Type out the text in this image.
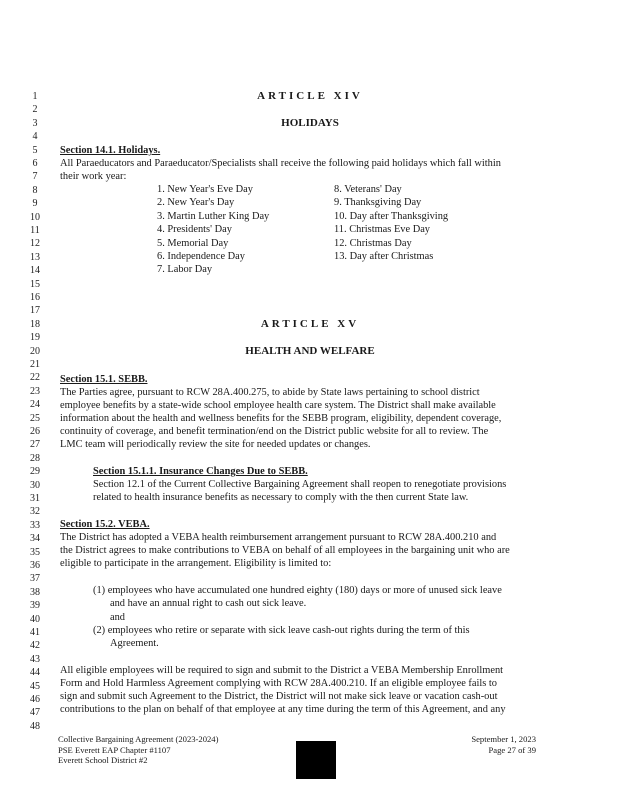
1
2
3
4
5
6
7
8
9
10
11
12
13
14
15
16
17
18
19
20
21
22
23
24
25
26
27
28
29
30
31
32
33
34
35
36
37
38
39
40
41
42
43
44
45
46
47
48
ARTICLE XIV
HOLIDAYS
Section 14.1. Holidays.
All Paraeducators and Paraeducator/Specialists shall receive the following paid holidays which fall within
their work year:
1. New Year's Eve Day
2. New Year's Day
3. Martin Luther King Day
4. Presidents' Day
5. Memorial Day
6. Independence Day
7. Labor Day
8. Veterans' Day
9. Thanksgiving Day
10. Day after Thanksgiving
11. Christmas Eve Day
12. Christmas Day
13. Day after Christmas
ARTICLE XV
HEALTH AND WELFARE
Section 15.1. SEBB.
The Parties agree, pursuant to RCW 28A.400.275, to abide by State laws pertaining to school district
employee benefits by a state-wide school employee health care system. The District shall make available
information about the health and wellness benefits for the SEBB program, eligibility, dependent coverage,
continuity of coverage, and benefit termination/end on the District public website for all to review. The
LMC team will periodically review the site for needed updates or changes.
Section 15.1.1. Insurance Changes Due to SEBB.
Section 12.1 of the Current Collective Bargaining Agreement shall reopen to renegotiate provisions
related to health insurance benefits as necessary to comply with the then current State law.
Section 15.2. VEBA.
The District has adopted a VEBA health reimbursement arrangement pursuant to RCW 28A.400.210 and
the District agrees to make contributions to VEBA on behalf of all employees in the bargaining unit who are
eligible to participate in the arrangement. Eligibility is limited to:
(1) employees who have accumulated one hundred eighty (180) days or more of unused sick leave
and have an annual right to cash out sick leave.
and
(2) employees who retire or separate with sick leave cash-out rights during the term of this
Agreement.
All eligible employees will be required to sign and submit to the District a VEBA Membership Enrollment
Form and Hold Harmless Agreement complying with RCW 28A.400.210. If an eligible employee fails to
sign and submit such Agreement to the District, the District will not make sick leave or vacation cash-out
contributions to the plan on behalf of that employee at any time during the term of this Agreement, and any
Collective Bargaining Agreement (2023-2024)
PSE Everett EAP Chapter #1107
Everett School District #2
September 1, 2023
Page 27 of 39
